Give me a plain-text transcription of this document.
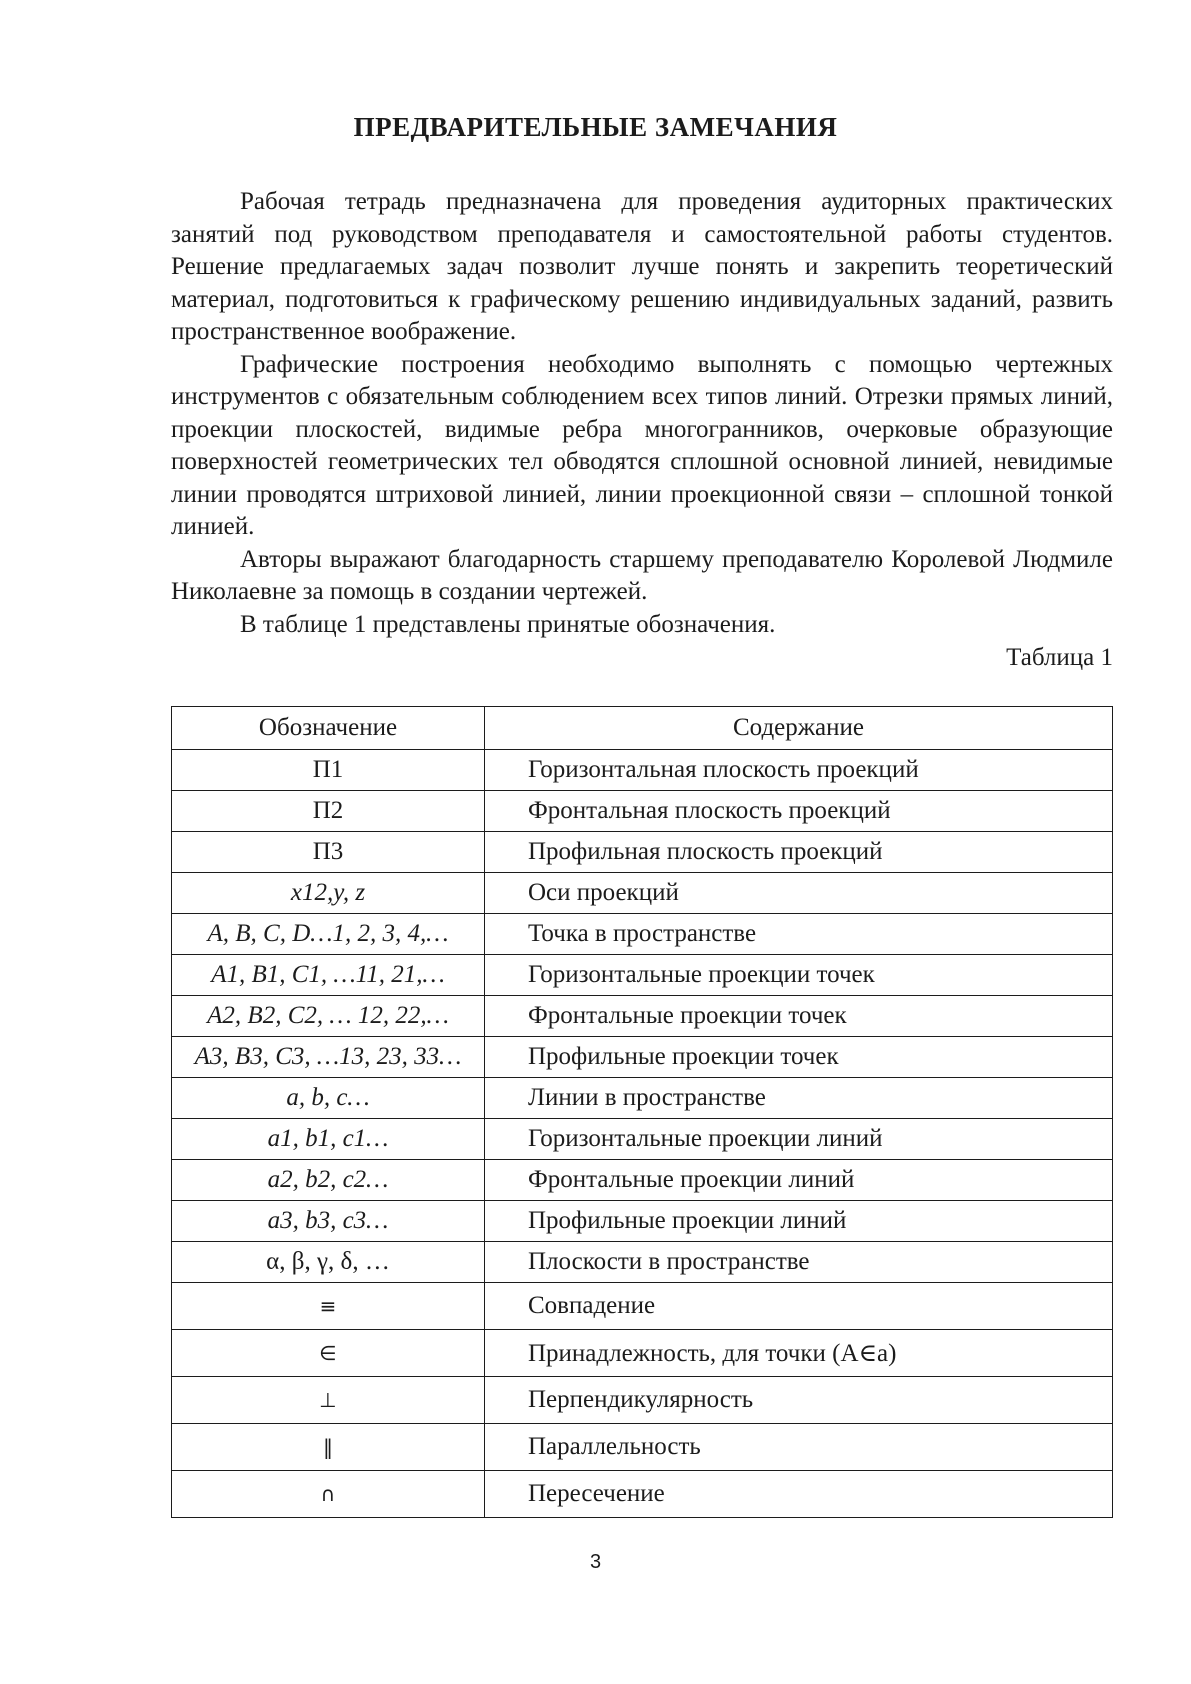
ПРЕДВАРИТЕЛЬНЫЕ ЗАМЕЧАНИЯ

Рабочая тетрадь предназначена для проведения аудиторных практических занятий под руководством преподавателя и самостоятельной работы студентов. Решение предлагаемых задач позволит лучше понять и закрепить теоретический материал, подготовиться к графическому решению индивидуальных заданий, развить пространственное воображение.

Графические построения необходимо выполнять с помощью чертежных инструментов с обязательным соблюдением всех типов линий. Отрезки прямых линий, проекции плоскостей, видимые ребра многогранников, очерковые образующие поверхностей геометрических тел обводятся сплошной основной линией, невидимые линии проводятся штриховой линией, линии проекционной связи – сплошной тонкой линией.

Авторы выражают благодарность старшему преподавателю Королевой Людмиле Николаевне за помощь в создании чертежей.

В таблице 1 представлены принятые обозначения.

Таблица 1
Обозначение	Содержание
П1	Горизонтальная плоскость проекций
П2	Фронтальная плоскость проекций
П3	Профильная плоскость проекций
x12,y, z	Оси проекций
A, B, C, D…1, 2, 3, 4,…	Точка в пространстве
A1, B1, C1, …11, 21,…	Горизонтальные проекции точек
A2, B2, C2, … 12, 22,…	Фронтальные проекции точек
A3, B3, C3, …13, 23, 33…	Профильные проекции точек
a, b, c…	Линии в пространстве
a1, b1, c1…	Горизонтальные проекции линий
a2, b2, c2…	Фронтальные проекции линий
a3, b3, c3…	Профильные проекции линий
α, β, γ, δ, …	Плоскости в пространстве
≡	Совпадение
∈	Принадлежность, для точки (A∈a)
⊥	Перпендикулярность
‖	Параллельность
∩	Пересечение
3
